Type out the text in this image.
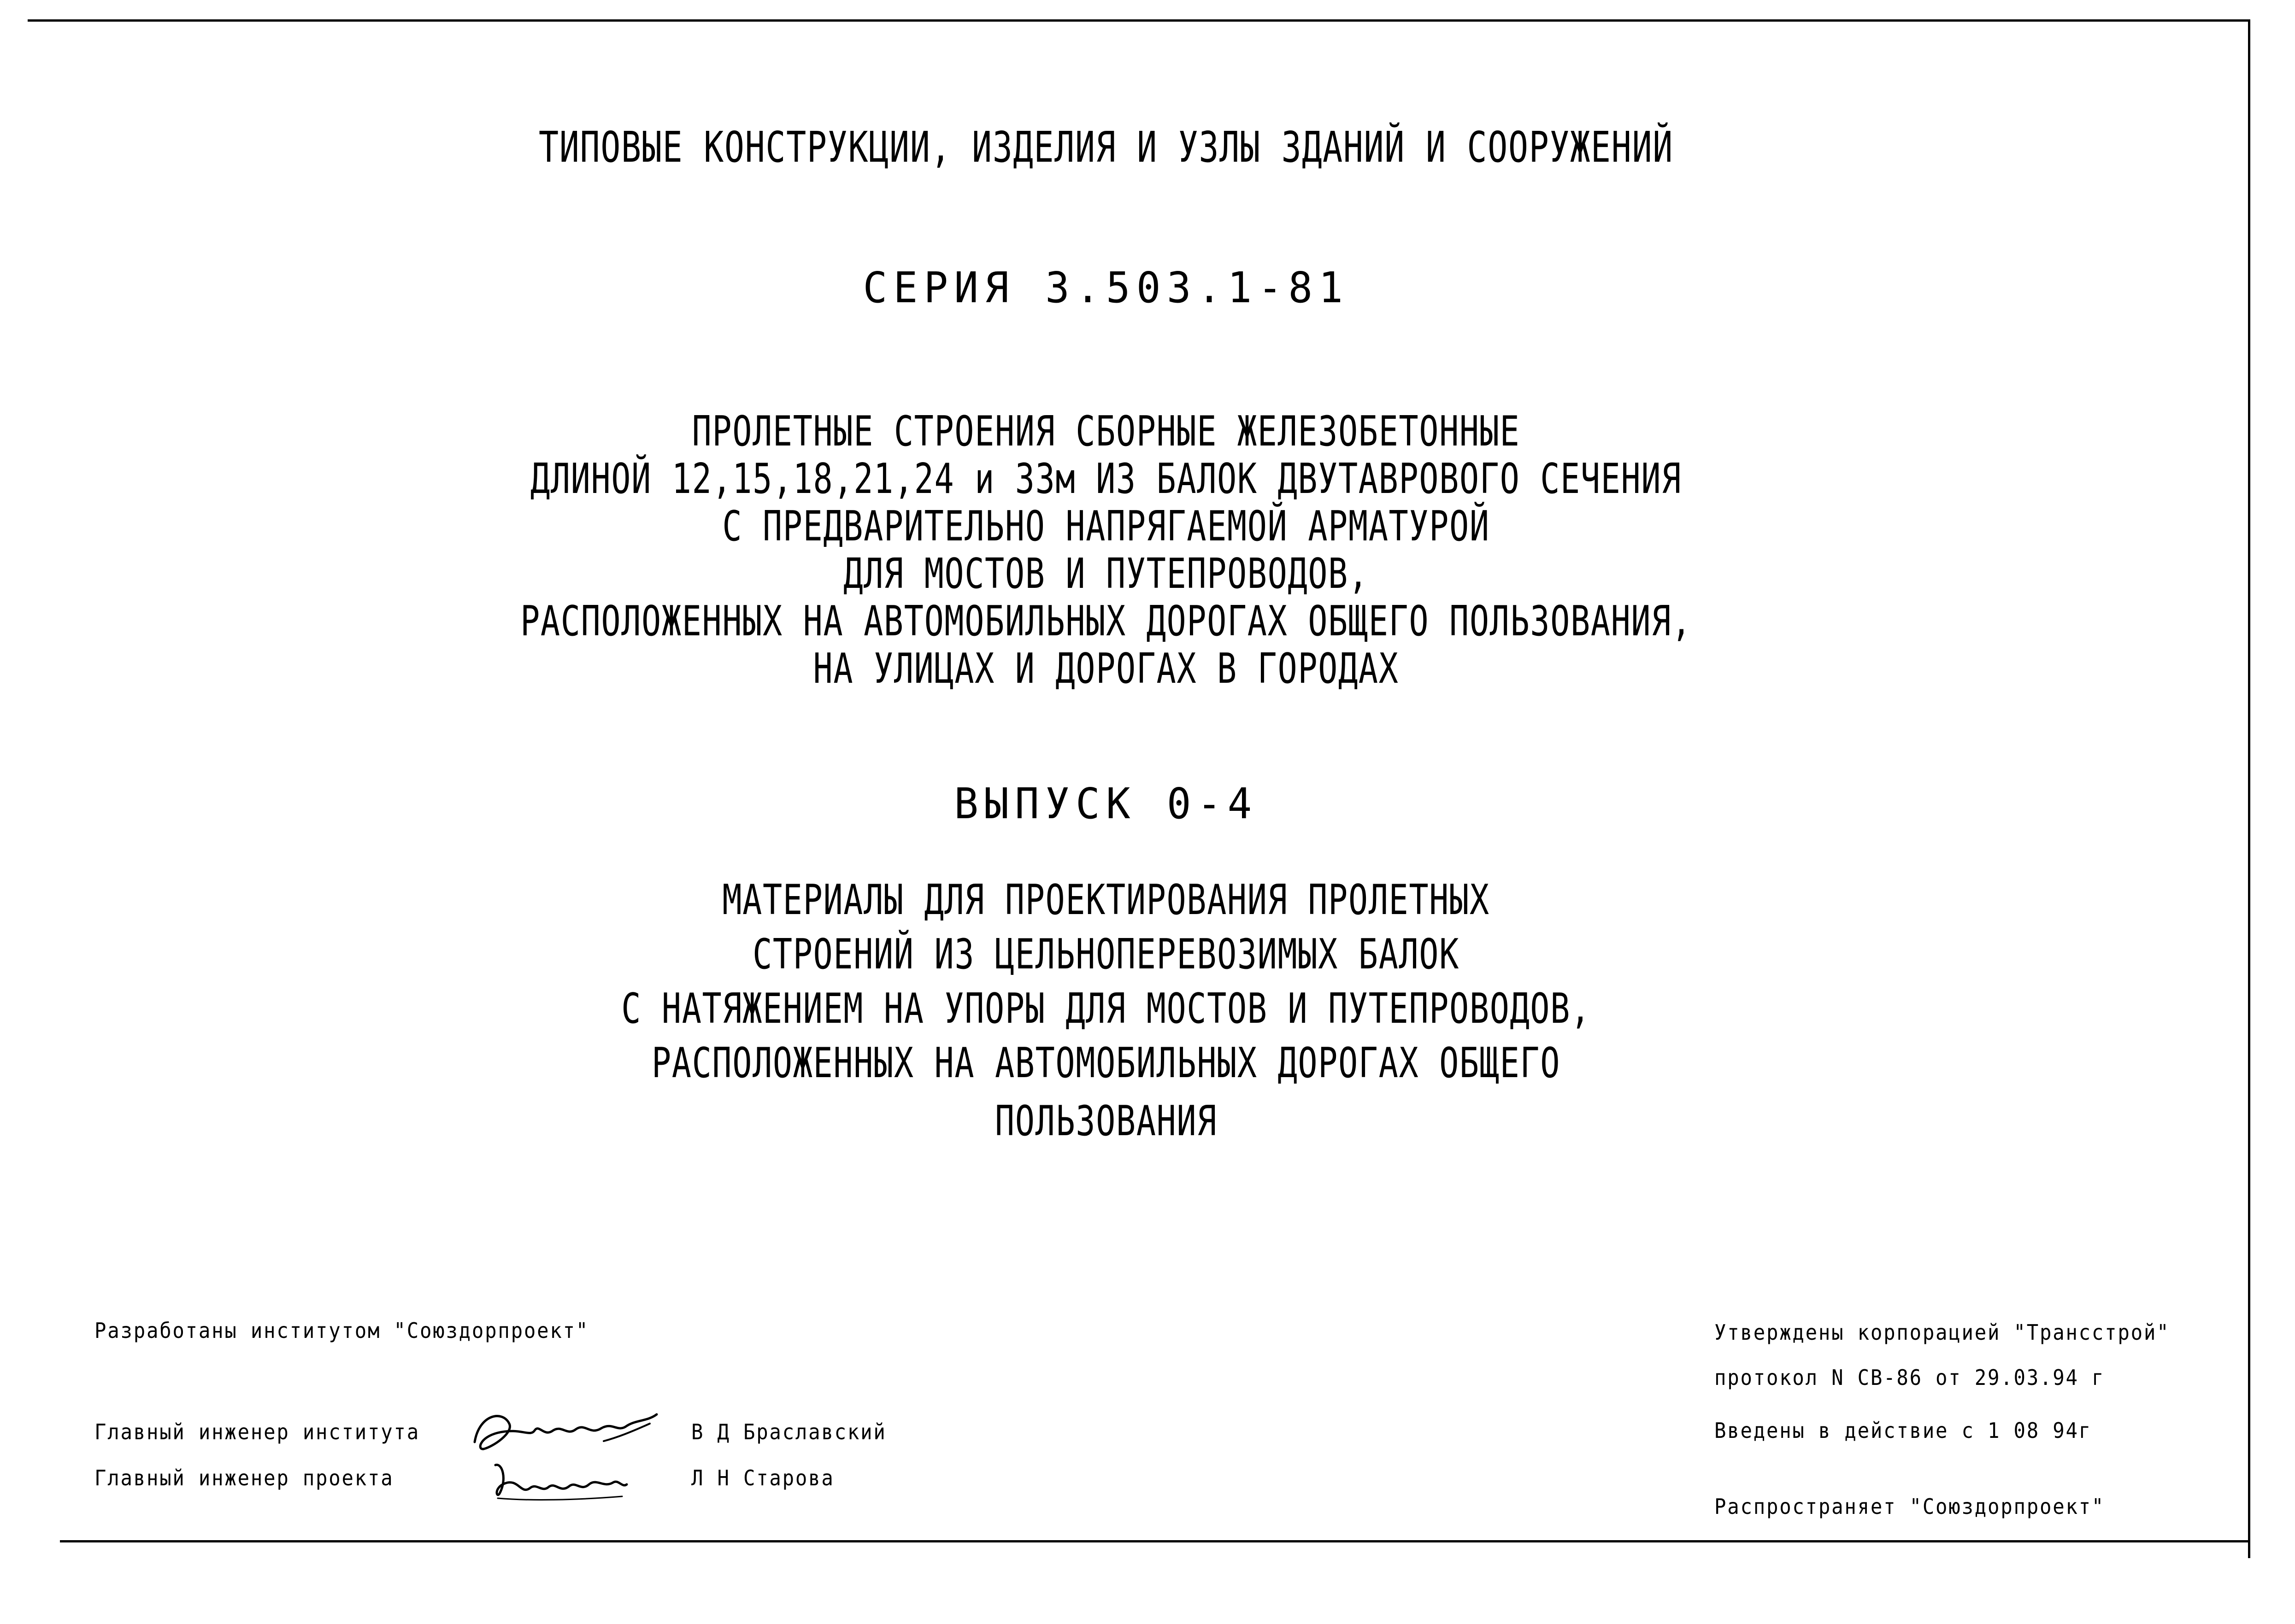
ТИПОВЫЕ КОНСТРУКЦИИ, ИЗДЕЛИЯ И УЗЛЫ ЗДАНИЙ И СООРУЖЕНИЙ
СЕРИЯ 3.503.1-81
ПРОЛЕТНЫЕ СТРОЕНИЯ СБОРНЫЕ ЖЕЛЕЗОБЕТОННЫЕ
ДЛИНОЙ 12,15,18,21,24 и 33м ИЗ БАЛОК ДВУТАВРОВОГО СЕЧЕНИЯ
С ПРЕДВАРИТЕЛЬНО НАПРЯГАЕМОЙ АРМАТУРОЙ
ДЛЯ МОСТОВ И ПУТЕПРОВОДОВ,
РАСПОЛОЖЕННЫХ НА АВТОМОБИЛЬНЫХ ДОРОГАХ ОБЩЕГО ПОЛЬЗОВАНИЯ,
НА УЛИЦАХ И ДОРОГАХ В ГОРОДАХ
ВЫПУСК 0-4
МАТЕРИАЛЫ ДЛЯ ПРОЕКТИРОВАНИЯ ПРОЛЕТНЫХ
СТРОЕНИЙ ИЗ ЦЕЛЬНОПЕРЕВОЗИМЫХ БАЛОК
С НАТЯЖЕНИЕМ НА УПОРЫ ДЛЯ МОСТОВ И ПУТЕПРОВОДОВ,
РАСПОЛОЖЕННЫХ НА АВТОМОБИЛЬНЫХ ДОРОГАХ ОБЩЕГО
ПОЛЬЗОВАНИЯ
Разработаны институтом "Союздорпроект"
Главный инженер института	В Д Браславский
Главный инженер проекта	Л Н Старова
Утверждены корпорацией "Трансстрой"
протокол N СВ-86 от 29.03.94 г
Введены в действие с 1 08 94г
Распространяет "Союздорпроект"
